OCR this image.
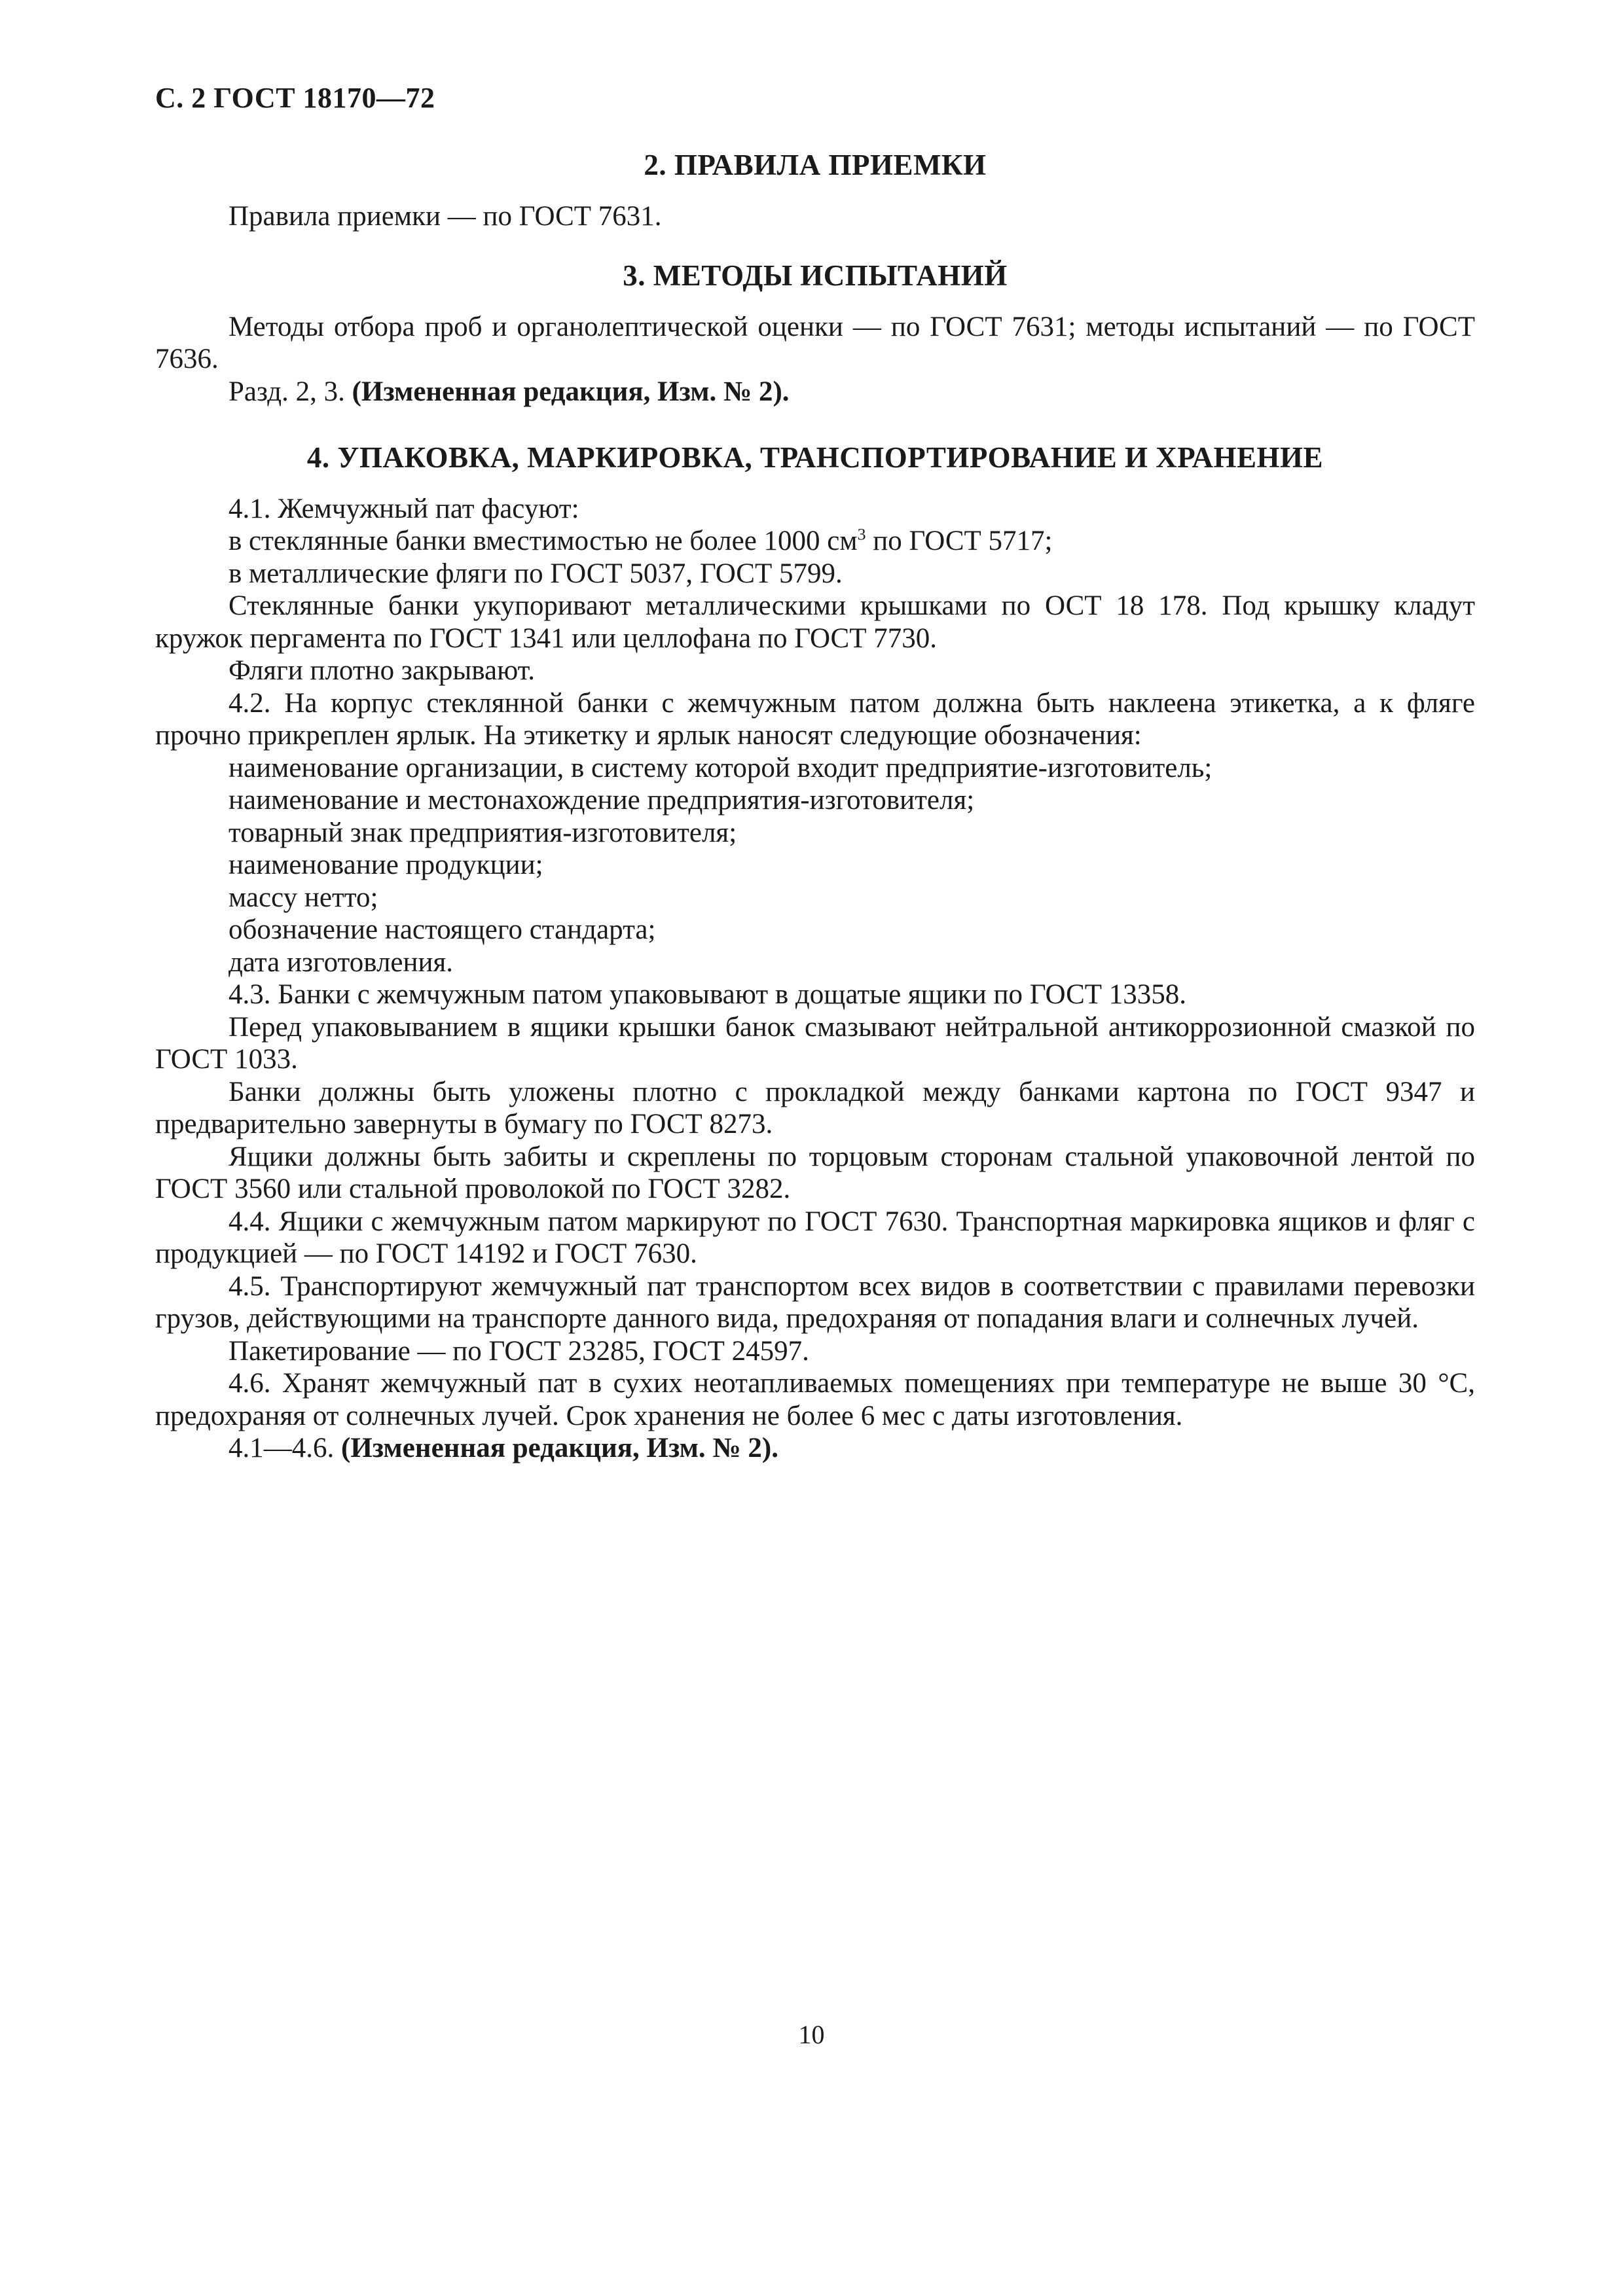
С. 2 ГОСТ 18170—72
2. ПРАВИЛА ПРИЕМКИ

Правила приемки — по ГОСТ 7631.

3. МЕТОДЫ ИСПЫТАНИЙ

Методы отбора проб и органолептической оценки — по ГОСТ 7631; методы испытаний — по ГОСТ 7636.

Разд. 2, 3. (Измененная редакция, Изм. № 2).

4. УПАКОВКА, МАРКИРОВКА, ТРАНСПОРТИРОВАНИЕ И ХРАНЕНИЕ

4.1. Жемчужный пат фасуют:

в стеклянные банки вместимостью не более 1000 $см^3$ по ГОСТ 5717;

в металлические фляги по ГОСТ 5037, ГОСТ 5799.

Стеклянные банки укупоривают металлическими крышками по ОСТ 18 178. Под крышку кладут кружок пергамента по ГОСТ 1341 или целлофана по ГОСТ 7730.

Фляги плотно закрывают.

4.2. На корпус стеклянной банки с жемчужным патом должна быть наклеена этикетка, а к фляге прочно прикреплен ярлык. На этикетку и ярлык наносят следующие обозначения:

наименование организации, в систему которой входит предприятие-изготовитель;

наименование и местонахождение предприятия-изготовителя;

товарный знак предприятия-изготовителя;

наименование продукции;

массу нетто;

обозначение настоящего стандарта;

дата изготовления.

4.3. Банки с жемчужным патом упаковывают в дощатые ящики по ГОСТ 13358.

Перед упаковыванием в ящики крышки банок смазывают нейтральной антикоррозионной смазкой по ГОСТ 1033.

Банки должны быть уложены плотно с прокладкой между банками картона по ГОСТ 9347 и предварительно завернуты в бумагу по ГОСТ 8273.

Ящики должны быть забиты и скреплены по торцовым сторонам стальной упаковочной лентой по ГОСТ 3560 или стальной проволокой по ГОСТ 3282.

4.4. Ящики с жемчужным патом маркируют по ГОСТ 7630. Транспортная маркировка ящиков и фляг с продукцией — по ГОСТ 14192 и ГОСТ 7630.

4.5. Транспортируют жемчужный пат транспортом всех видов в соответствии с правилами перевозки грузов, действующими на транспорте данного вида, предохраняя от попадания влаги и солнечных лучей.

Пакетирование — по ГОСТ 23285, ГОСТ 24597.

4.6. Хранят жемчужный пат в сухих неотапливаемых помещениях при температуре не выше 30 °С, предохраняя от солнечных лучей. Срок хранения не более 6 мес с даты изготовления.

4.1—4.6. (Измененная редакция, Изм. № 2).

10
